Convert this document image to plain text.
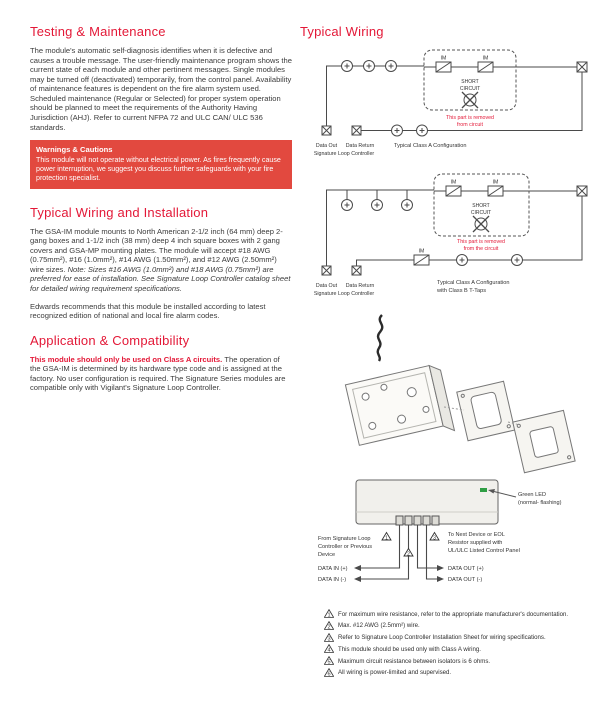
Testing & Maintenance

The module's automatic self-diagnosis identifies when it is defective and causes a trouble message. The user-friendly maintenance program shows the current state of each module and other pertinent messages. Single modules may be turned off (deactivated) temporarily, from the control panel. Availability of maintenance features is dependent on the fire alarm system used. Scheduled maintenance (Regular or Selected) for proper system operation should be planned to meet the requirements of the Authority Having Jurisdiction (AHJ). Refer to current NFPA 72 and ULC CAN/ ULC 536 standards.

Warnings & Cautions
This module will not operate without electrical power. As fires frequently cause power interruption, we suggest you discuss further safeguards with your fire protection specialist.
Typical Wiring and Installation

The GSA-IM module mounts to North American 2-1/2 inch (64 mm) deep 2-gang boxes and 1-1/2 inch (38 mm) deep 4 inch square boxes with 2 gang covers and GSA-MP mounting plates. The module will accept #18 AWG (0.75mm²), #16 (1.0mm²), #14 AWG (1.50mm²), and #12 AWG (2.50mm²) wire sizes. Note: Sizes #16 AWG (1.0mm²) and #18 AWG (0.75mm²) are preferred for ease of installation. See Signature Loop Controller catalog sheet for detailed wiring requirement specifications.

Edwards recommends that this module be installed according to latest recognized edition of national and local fire alarm codes.

Application & Compatibility

This module should only be used on Class A circuits. The operation of the GSA-IM is determined by its hardware type code and is assigned at the factory. No user configuration is required. The Signature Series modules are compatible only with Vigilant's Signature Loop Controller.

Typical Wiring
IM	IM
SHORT
CIRCUIT
This part is removed
from circuit
Data Out Data Return
Signature Loop Controller
Typical Class A Configuration
IM	IM
IM
SHORT
CIRCUIT
This part is removed
from the circuit
Data Out Data Return
Signature Loop Controller
Typical Class A Configuration
with Class B T-Taps
Green LED
(normal- flashing)
From Signature Loop
Controller or Previous
Device
DATA IN (+)
DATA IN (-)
To Next Device or EOL
Resistor supplied with
UL/ULC Listed Control Panel
DATA OUT (+)
DATA OUT (-)
1
2
3
1 For maximum wire resistance, refer to the appropriate manufacturer's documentation.
2 Max. #12 AWG (2.5mm²) wire.
3 Refer to Signature Loop Controller Installation Sheet for wiring specifications.
4 This module should be used only with Class A wiring.
5 Maximum circuit resistance between isolators is 6 ohms.
6 All wiring is power-limited and supervised.
